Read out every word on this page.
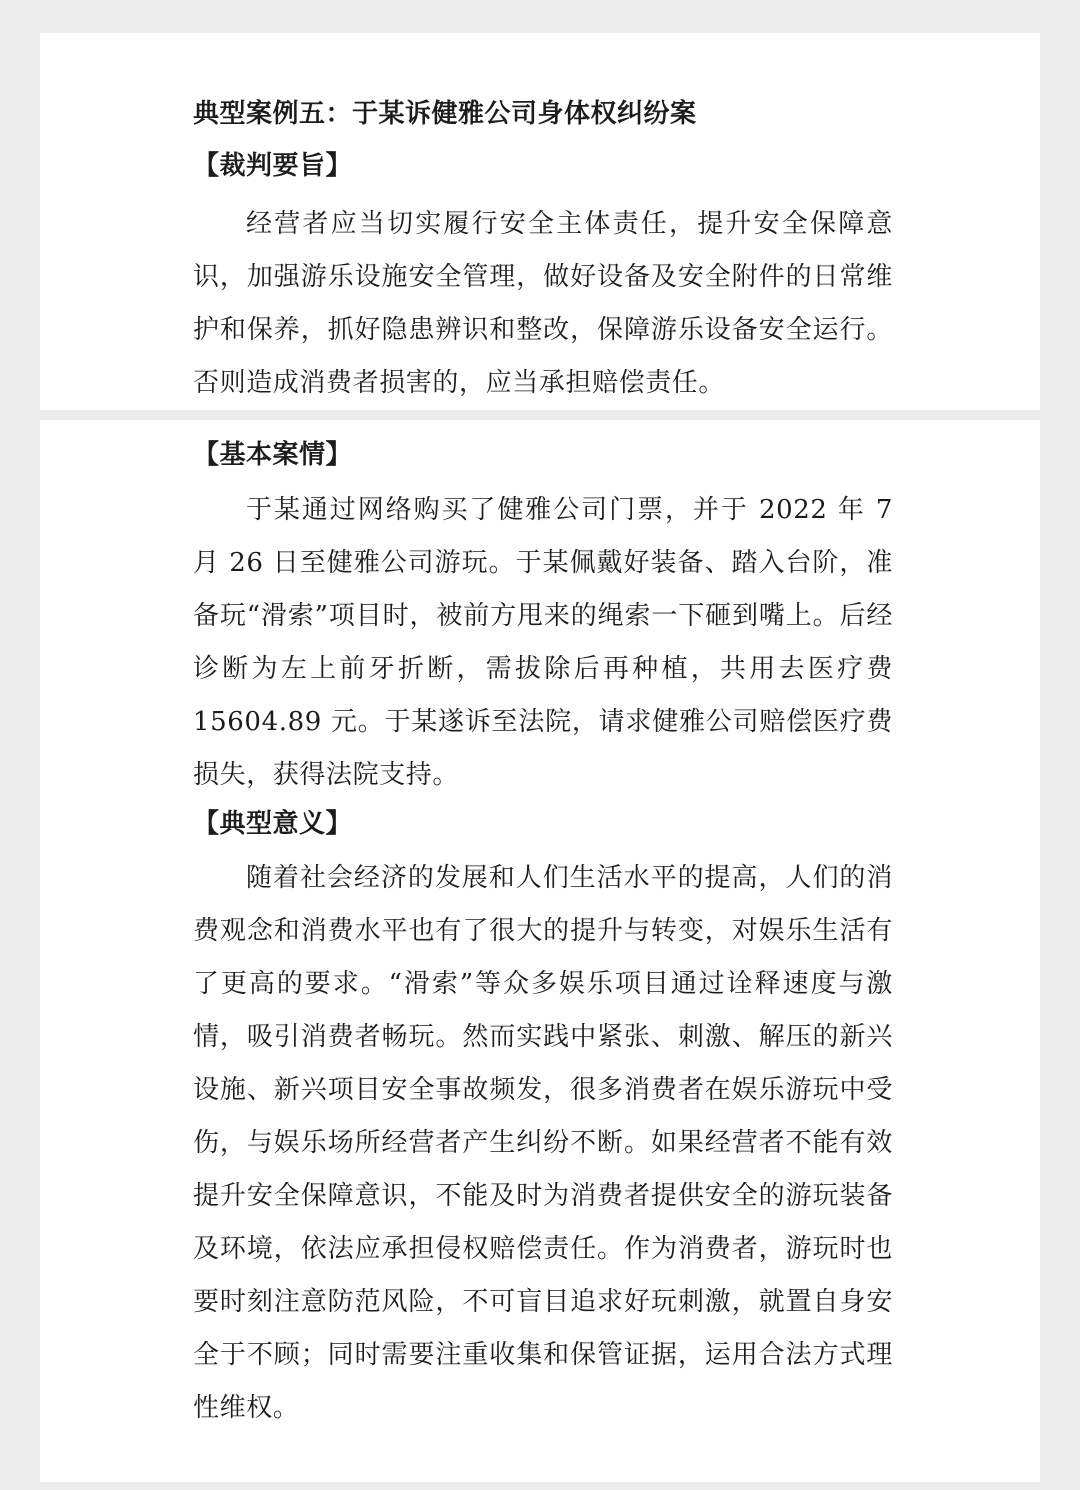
典型案例五：于某诉健雅公司身体权纠纷案
【裁判要旨】

经营者应当切实履行安全主体责任，提升安全保障意识，加强游乐设施安全管理，做好设备及安全附件的日常维护和保养，抓好隐患辨识和整改，保障游乐设备安全运行。否则造成消费者损害的，应当承担赔偿责任。

【基本案情】

于某通过网络购买了健雅公司门票，并于 2022 年 7 月 26 日至健雅公司游玩。于某佩戴好装备、踏入台阶，准备玩“滑索”项目时，被前方甩来的绳索一下砸到嘴上。后经诊断为左上前牙折断，需拔除后再种植，共用去医疗费 15604.89 元。于某遂诉至法院，请求健雅公司赔偿医疗费损失，获得法院支持。

【典型意义】

随着社会经济的发展和人们生活水平的提高，人们的消费观念和消费水平也有了很大的提升与转变，对娱乐生活有了更高的要求。“滑索”等众多娱乐项目通过诠释速度与激情，吸引消费者畅玩。然而实践中紧张、刺激、解压的新兴设施、新兴项目安全事故频发，很多消费者在娱乐游玩中受伤，与娱乐场所经营者产生纠纷不断。如果经营者不能有效提升安全保障意识，不能及时为消费者提供安全的游玩装备及环境，依法应承担侵权赔偿责任。作为消费者，游玩时也要时刻注意防范风险，不可盲目追求好玩刺激，就置自身安全于不顾；同时需要注重收集和保管证据，运用合法方式理性维权。
